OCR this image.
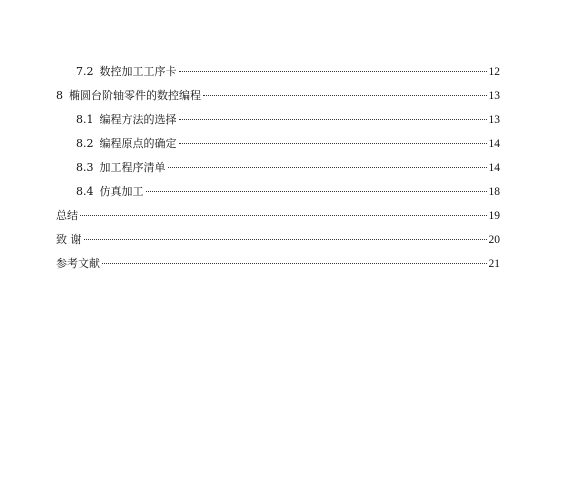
7.2 数控加工工序卡	12
8 椭圆台阶轴零件的数控编程	13
8.1 编程方法的选择	13
8.2 编程原点的确定	14
8.3 加工程序清单	14
8.4 仿真加工	18
总结	19
致 谢	20
参考文献	21
